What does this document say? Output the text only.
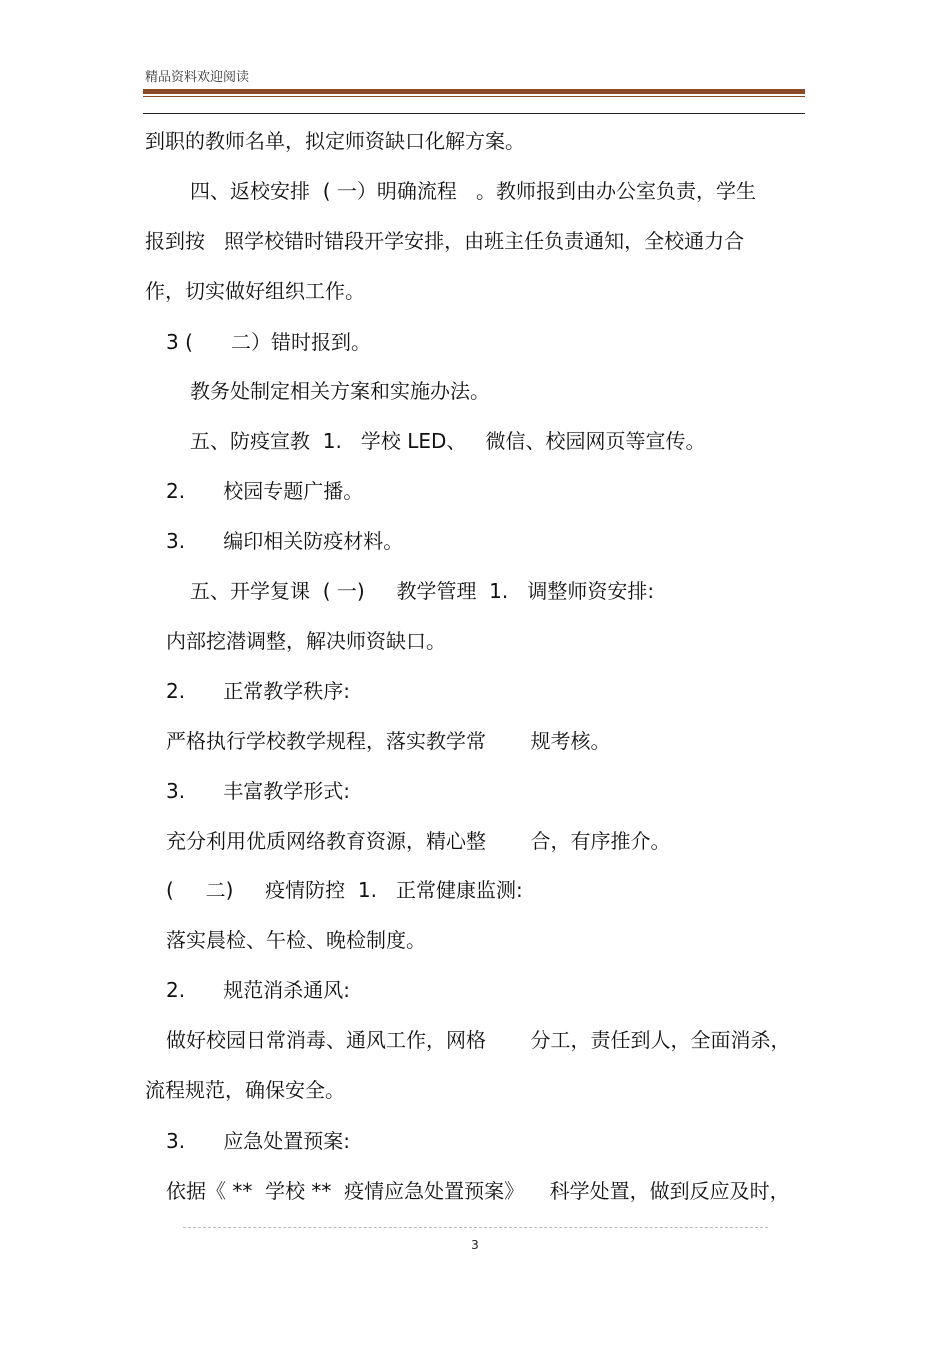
精品资料欢迎阅读
到职的教师名单，拟定师资缺口化解方案。
四、返校安排  ( 一）明确流程   。教师报到由办公室负责，学生
报到按   照学校错时错段开学安排，由班主任负责通知，全校通力合
作，切实做好组织工作。
3 (      二）错时报到。
教务处制定相关方案和实施办法。
五、防疫宣教  1.   学校 LED、   微信、校园网页等宣传。
2.      校园专题广播。
3.      编印相关防疫材料。
五、开学复课  ( 一)     教学管理  1.   调整师资安排:
内部挖潜调整，解决师资缺口。
2.      正常教学秩序:
严格执行学校教学规程，落实教学常       规考核。
3.      丰富教学形式:
充分利用优质网络教育资源，精心整       合，有序推介。
(     二)     疫情防控  1.   正常健康监测:
落实晨检、午检、晚检制度。
2.      规范消杀通风:
做好校园日常消毒、通风工作，网格       分工，责任到人，全面消杀，
流程规范，确保安全。
3.      应急处置预案:
依据《 **  学校 **  疫情应急处置预案》    科学处置，做到反应及时，
3
